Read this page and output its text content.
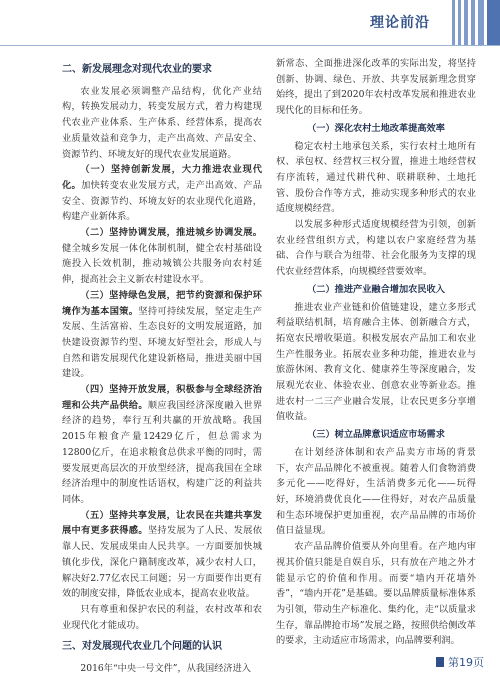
理论前沿

二、新发展理念对现代农业的要求

农业发展必须调整产品结构，优化产业结构，转换发展动力，转变发展方式，着力构建现代农业产业体系、生产体系、经营体系，提高农业质量效益和竞争力，走产出高效、产品安全、资源节约、环境友好的现代农业发展道路。

（一）坚持创新发展，大力推进农业现代化。加快转变农业发展方式，走产出高效、产品安全、资源节约、环境友好的农业现代化道路，构建产业新体系。

（二）坚持协调发展，推进城乡协调发展。健全城乡发展一体化体制机制，健全农村基础设施投入长效机制，推动城镇公共服务向农村延伸，提高社会主义新农村建设水平。

（三）坚持绿色发展，把节约资源和保护环境作为基本国策。坚持可持续发展，坚定走生产发展、生活富裕、生态良好的文明发展道路，加快建设资源节约型、环境友好型社会，形成人与自然和谐发展现代化建设新格局，推进美丽中国建设。

（四）坚持开放发展，积极参与全球经济治理和公共产品供给。顺应我国经济深度融入世界经济的趋势，奉行互利共赢的开放战略。我国2015年粮食产量12429亿斤，但总需求为12800亿斤，在追求粮食总供求平衡的同时，需要发展更高层次的开放型经济，提高我国在全球经济治理中的制度性话语权，构建广泛的利益共同体。

（五）坚持共享发展，让农民在共建共享发展中有更多获得感。坚持发展为了人民、发展依靠人民、发展成果由人民共享。一方面要加快城镇化步伐，深化户籍制度改革，减少农村人口，解决好2.77亿农民工问题；另一方面要作出更有效的制度安排，降低农业成本，提高农业收益。

只有尊重和保护农民的利益，农村改革和农业现代化才能成功。

三、对发展现代农业几个问题的认识

2016年“中央一号文件”，从我国经济进入

新常态、全面推进深化改革的实际出发，将坚持创新、协调、绿色、开放、共享发展新理念贯穿始终，提出了到2020年农村改革发展和推进农业现代化的目标和任务。

（一）深化农村土地改革提高效率

稳定农村土地承包关系，实行农村土地所有权、承包权、经营权三权分置，推进土地经营权有序流转，通过代耕代种、联耕联种、土地托管、股份合作等方式，推动实现多种形式的农业适度规模经营。

以发展多种形式适度规模经营为引领，创新农业经营组织方式，构建以农户家庭经营为基础、合作与联合为纽带、社会化服务为支撑的现代农业经营体系，向规模经营要效率。

（二）推进产业融合增加农民收入

推进农业产业链和价值链建设，建立多形式利益联结机制，培育融合主体、创新融合方式，拓宽农民增收渠道。积极发展农产品加工和农业生产性服务业。拓展农业多种功能，推进农业与旅游休闲、教育文化、健康养生等深度融合，发展观光农业、体验农业、创意农业等新业态。推进农村一二三产业融合发展，让农民更多分享增值收益。

（三）树立品牌意识适应市场需求

在计划经济体制和农产品卖方市场的背景下，农产品品牌化不被重视。随着人们食物消费多元化——吃得好，生活消费多元化——玩得好，环境消费优良化——住得好，对农产品质量和生态环境保护更加重视，农产品品牌的市场价值日益显现。

农产品品牌价值要从外向里看。在产地内审视其价值只能是自娱自乐，只有放在产地之外才能显示它的价值和作用。而要“墙内开花墙外香”，“墙内开花”是基础。要以品牌质量标准体系为引领，带动生产标准化、集约化，走“以质量求生存，靠品牌抢市场”发展之路，按照供给侧改革的要求，主动适应市场需求，向品牌要利润。

第19页
